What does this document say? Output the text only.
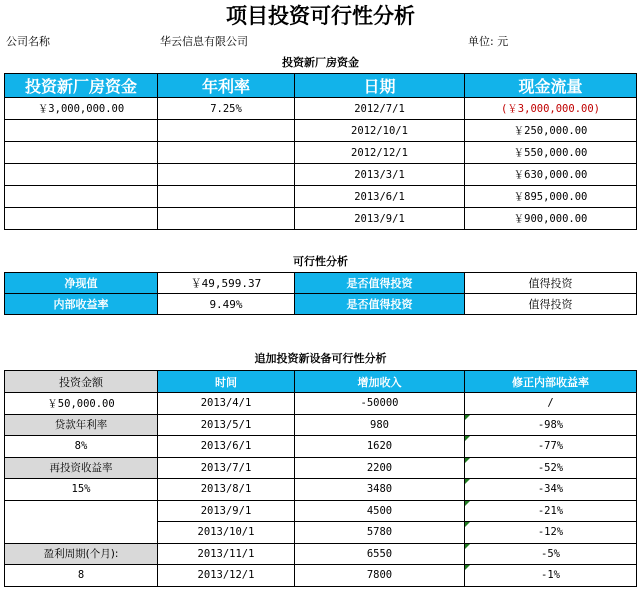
项目投资可行性分析
公司名称	华云信息有限公司	单位: 元
投资新厂房资金
投资新厂房资金	年利率	日期	现金流量
￥3,000,000.00	7.25%	2012/7/1	(￥3,000,000.00)
		2012/10/1	￥250,000.00
		2012/12/1	￥550,000.00
		2013/3/1	￥630,000.00
		2013/6/1	￥895,000.00
		2013/9/1	￥900,000.00
可行性分析
净现值	￥49,599.37	是否值得投资	值得投资
内部收益率	9.49%	是否值得投资	值得投资
追加投资新设备可行性分析
投资金额	时间	增加收入	修正内部收益率
￥50,000.00	2013/4/1	-50000	/
贷款年利率	2013/5/1	980	-98%
8%	2013/6/1	1620	-77%
再投资收益率	2013/7/1	2200	-52%
15%	2013/8/1	3480	-34%
	2013/9/1	4500	-21%
	2013/10/1	5780	-12%
盈利周期(个月):	2013/11/1	6550	-5%
8	2013/12/1	7800	-1%
